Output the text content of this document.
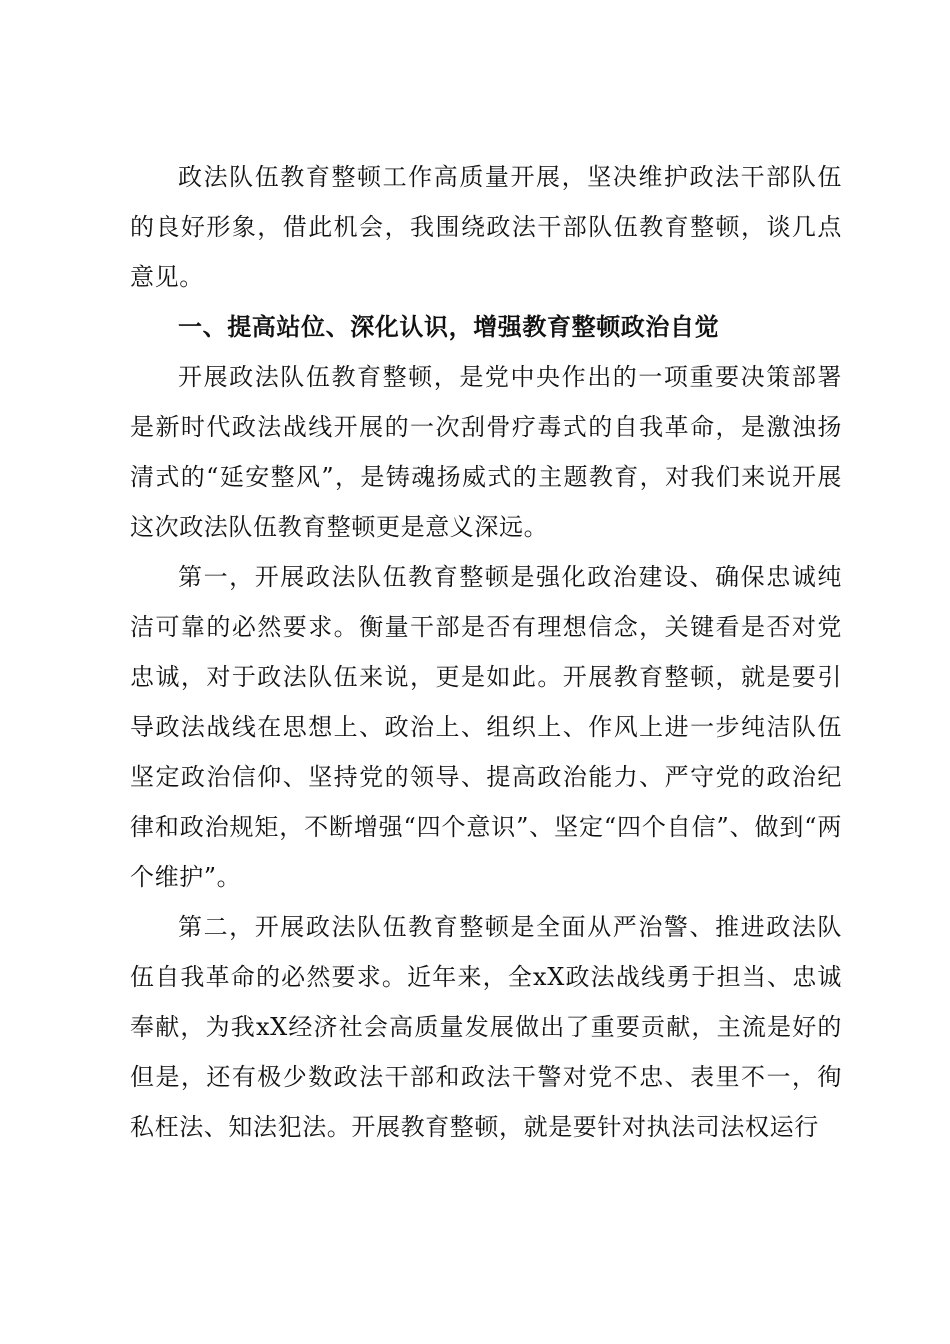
政法队伍教育整顿工作高质量开展，坚决维护政法干部队伍的良好形象，借此机会，我围绕政法干部队伍教育整顿，谈几点意见。

一、提高站位、深化认识，增强教育整顿政治自觉

开展政法队伍教育整顿，是党中央作出的一项重要决策部署是新时代政法战线开展的一次刮骨疗毒式的自我革命，是激浊扬清式的“延安整风”，是铸魂扬威式的主题教育，对我们来说开展这次政法队伍教育整顿更是意义深远。

第一，开展政法队伍教育整顿是强化政治建设、确保忠诚纯洁可靠的必然要求。衡量干部是否有理想信念，关键看是否对党忠诚，对于政法队伍来说，更是如此。开展教育整顿，就是要引导政法战线在思想上、政治上、组织上、作风上进一步纯洁队伍坚定政治信仰、坚持党的领导、提高政治能力、严守党的政治纪律和政治规矩，不断增强“四个意识”、坚定“四个自信”、做到“两个维护”。

第二，开展政法队伍教育整顿是全面从严治警、推进政法队伍自我革命的必然要求。近年来，全xX政法战线勇于担当、忠诚奉献，为我xX经济社会高质量发展做出了重要贡献，主流是好的但是，还有极少数政法干部和政法干警对党不忠、表里不一，徇私枉法、知法犯法。开展教育整顿，就是要针对执法司法权运行
